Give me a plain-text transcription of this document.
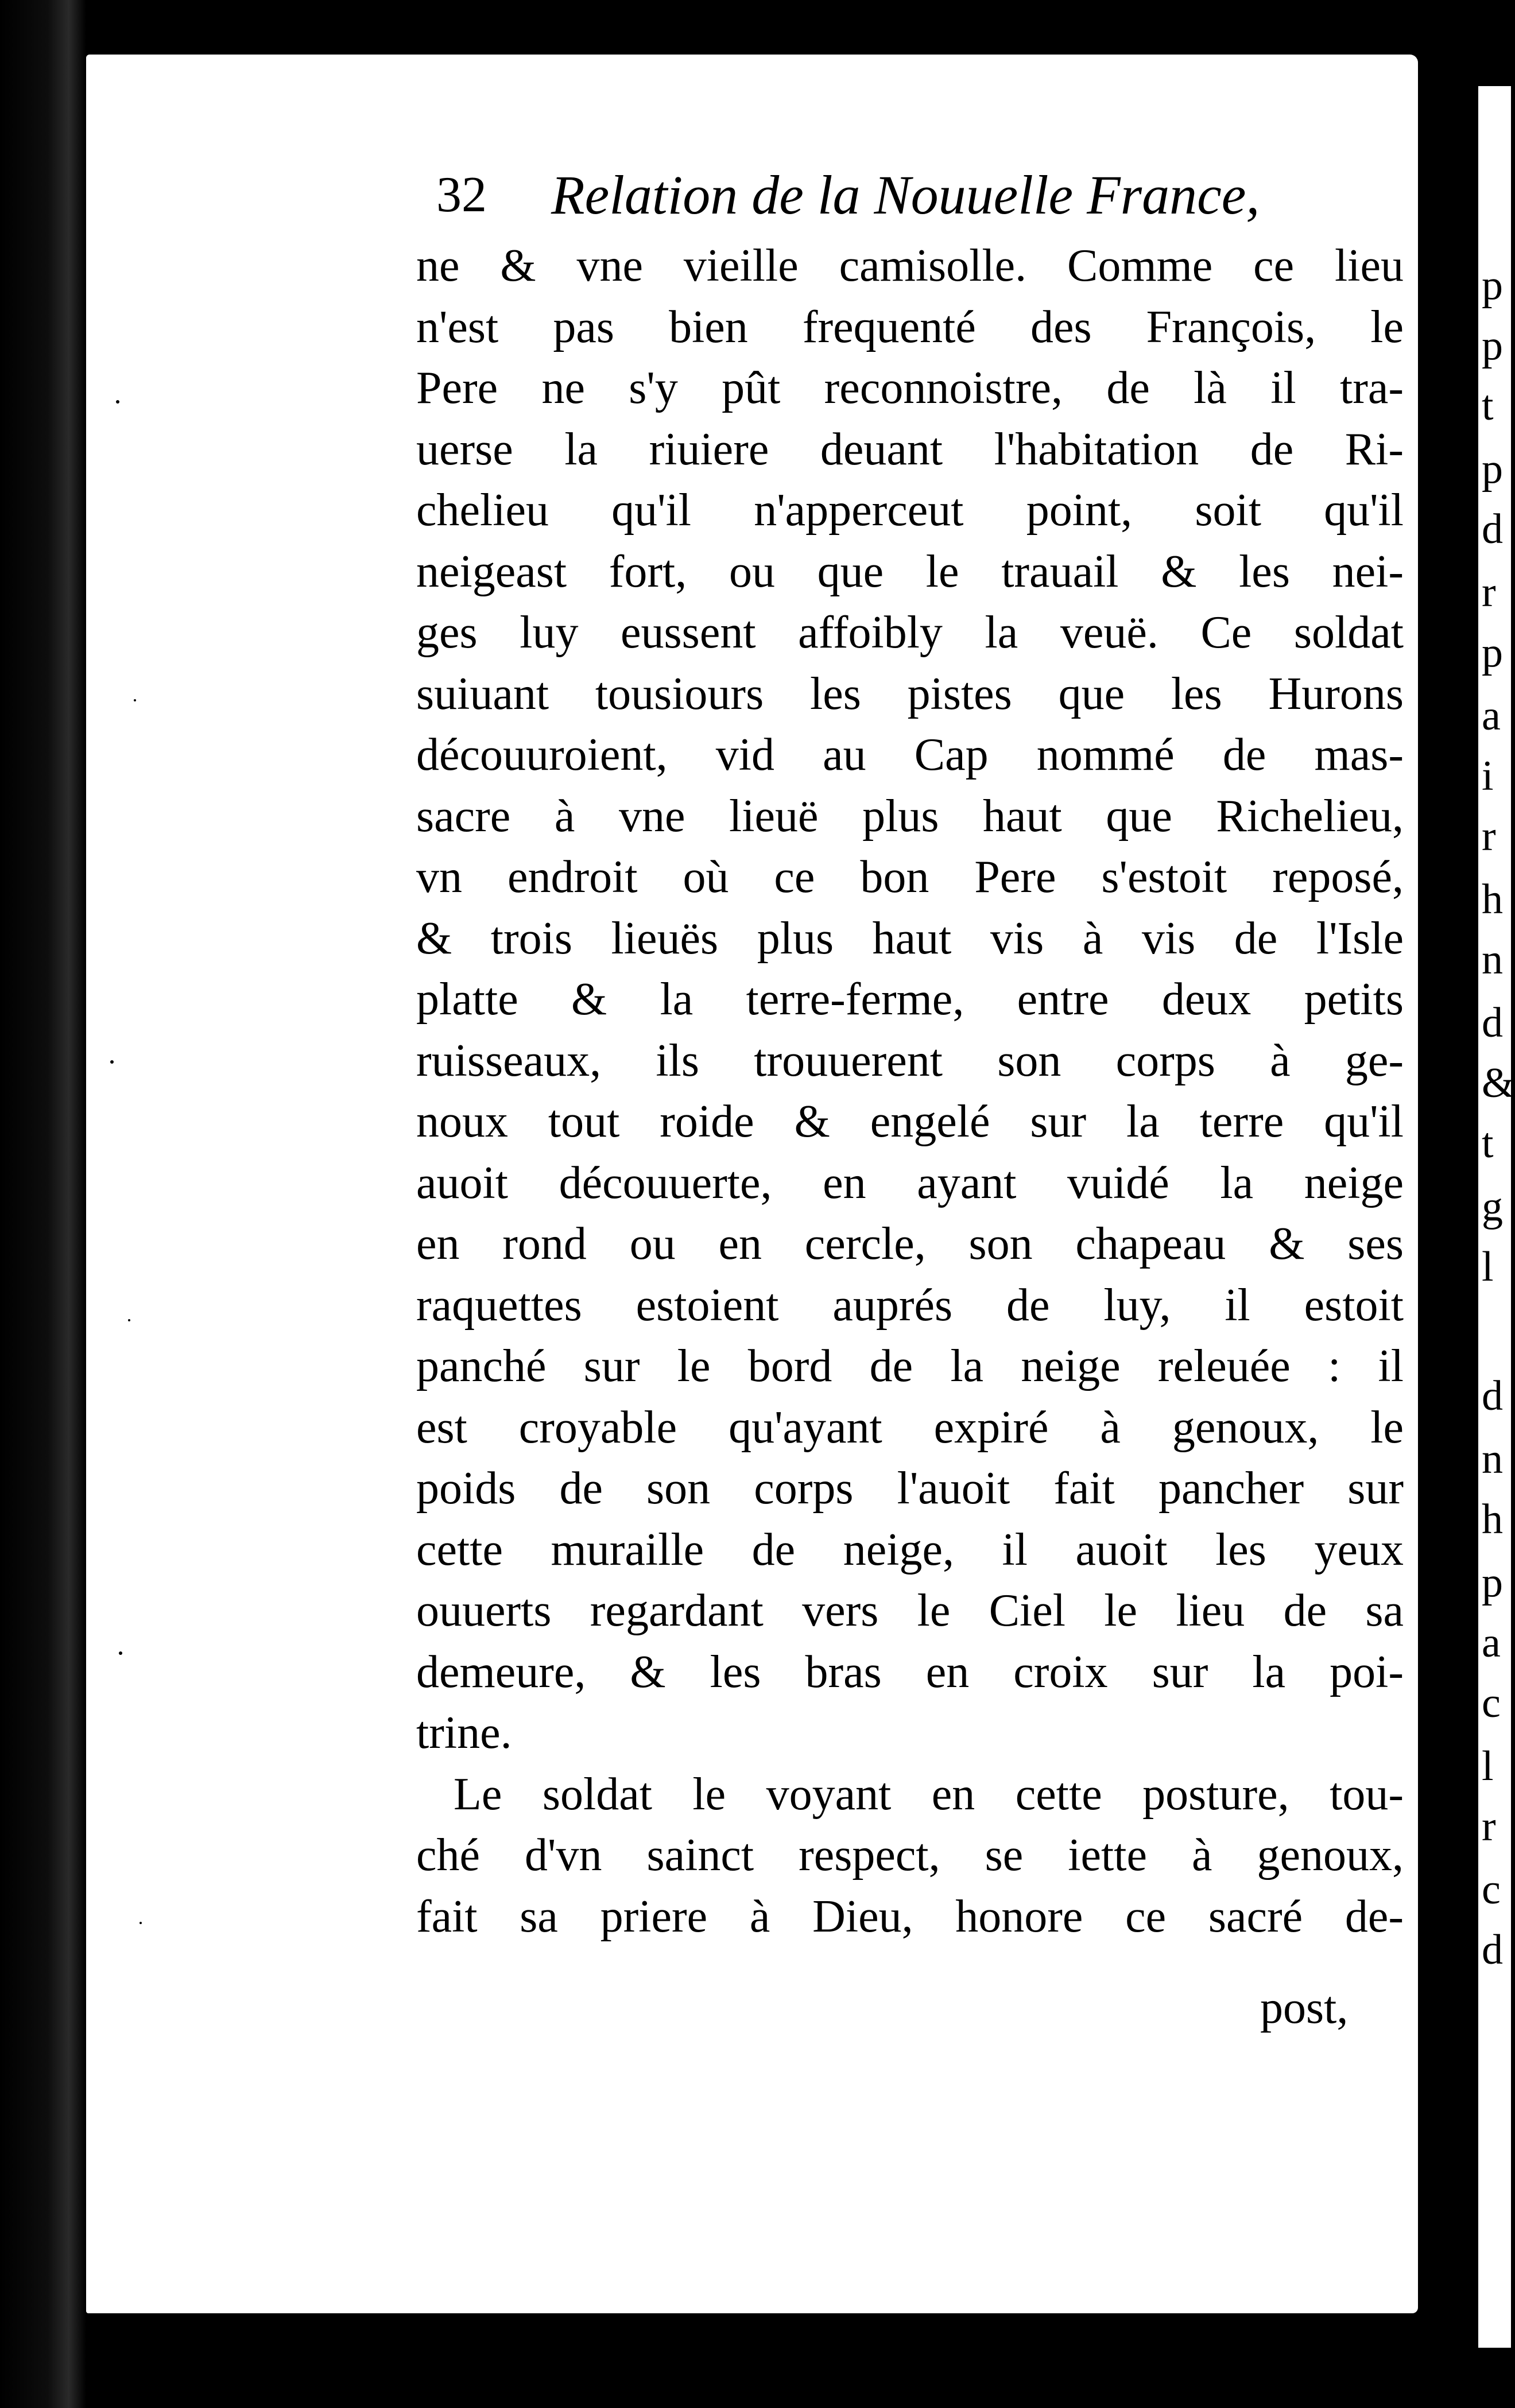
32 Relation de la Nouuelle France,
ne & vne vieille camisolle. Comme ce lieu
n'est pas bien frequenté des François, le
Pere ne s'y pût reconnoistre, de là il tra-
uerse la riuiere deuant l'habitation de Ri-
chelieu qu'il n'apperceut point, soit qu'il
neigeast fort, ou que le trauail & les nei-
ges luy eussent affoibly la veuë. Ce soldat
suiuant tousiours les pistes que les Hurons
découuroient, vid au Cap nommé de mas-
sacre à vne lieuë plus haut que Richelieu,
vn endroit où ce bon Pere s'estoit reposé,
& trois lieuës plus haut vis à vis de l'Isle
platte & la terre-ferme, entre deux petits
ruisseaux, ils trouuerent son corps à ge-
noux tout roide & engelé sur la terre qu'il
auoit découuerte, en ayant vuidé la neige
en rond ou en cercle, son chapeau & ses
raquettes estoient auprés de luy, il estoit
panché sur le bord de la neige releuée : il
est croyable qu'ayant expiré à genoux, le
poids de son corps l'auoit fait pancher sur
cette muraille de neige, il auoit les yeux
ouuerts regardant vers le Ciel le lieu de sa
demeure, & les bras en croix sur la poi-
trine.
Le soldat le voyant en cette posture, tou-
ché d'vn sainct respect, se iette à genoux,
fait sa priere à Dieu, honore ce sacré de-
post,
p
p
t
p
d
r
p
a
i
r
h
n
d
&
t
g
l
d
n
h
p
a
c
l
r
c
d
